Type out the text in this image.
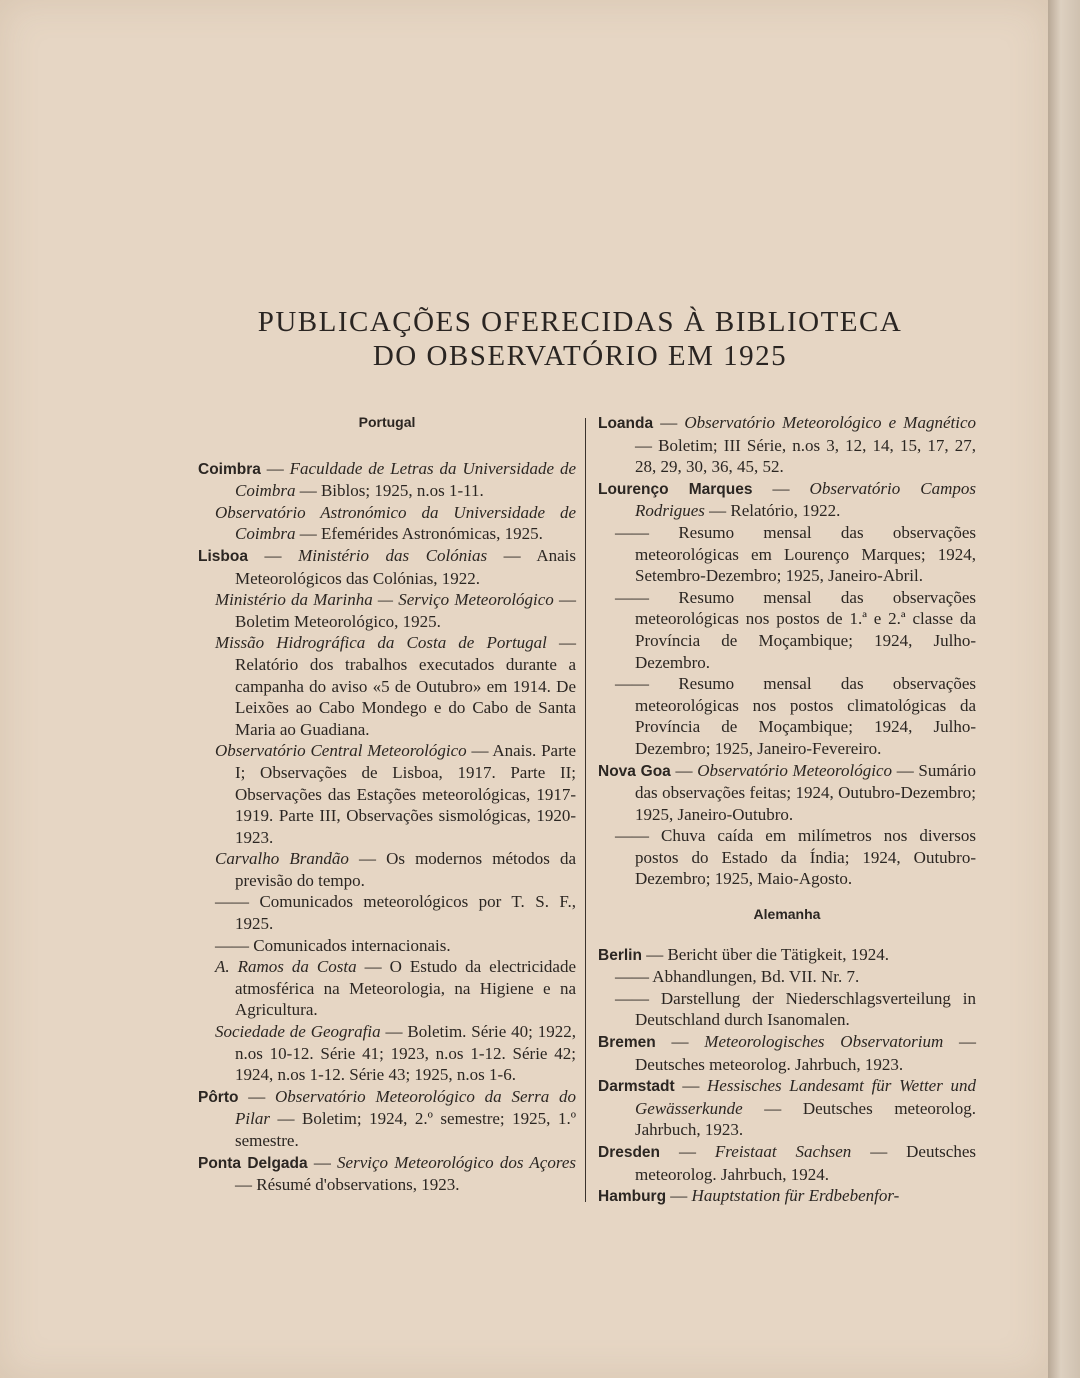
PUBLICAÇÕES OFERECIDAS À BIBLIOTECA
DO OBSERVATÓRIO EM 1925

Portugal

Coimbra — Faculdade de Letras da Universidade de Coimbra — Biblos; 1925, n.os 1-11.

Observatório Astronómico da Universidade de Coimbra — Efemérides Astronómicas, 1925.

Lisboa — Ministério das Colónias — Anais Meteorológicos das Colónias, 1922.

Ministério da Marinha — Serviço Meteorológico — Boletim Meteorológico, 1925.

Missão Hidrográfica da Costa de Portugal — Relatório dos trabalhos executados durante a campanha do aviso «5 de Outubro» em 1914. De Leixões ao Cabo Mondego e do Cabo de Santa Maria ao Guadiana.

Observatório Central Meteorológico — Anais. Parte I; Observações de Lisboa, 1917. Parte II; Observações das Estações meteorológicas, 1917-1919. Parte III, Observações sismológicas, 1920-1923.

Carvalho Brandão — Os modernos métodos da previsão do tempo.

—— Comunicados meteorológicos por T. S. F., 1925.

—— Comunicados internacionais.

A. Ramos da Costa — O Estudo da electricidade atmosférica na Meteorologia, na Higiene e na Agricultura.

Sociedade de Geografia — Boletim. Série 40; 1922, n.os 10-12. Série 41; 1923, n.os 1-12. Série 42; 1924, n.os 1-12. Série 43; 1925, n.os 1-6.

Pôrto — Observatório Meteorológico da Serra do Pilar — Boletim; 1924, 2.º semestre; 1925, 1.º semestre.

Ponta Delgada — Serviço Meteorológico dos Açores — Résumé d'observations, 1923.

Loanda — Observatório Meteorológico e Magnético — Boletim; III Série, n.os 3, 12, 14, 15, 17, 27, 28, 29, 30, 36, 45, 52.

Lourenço Marques — Observatório Campos Rodrigues — Relatório, 1922.

—— Resumo mensal das observações meteorológicas em Lourenço Marques; 1924, Setembro-Dezembro; 1925, Janeiro-Abril.

—— Resumo mensal das observações meteorológicas nos postos de 1.ª e 2.ª classe da Província de Moçambique; 1924, Julho-Dezembro.

—— Resumo mensal das observações meteorológicas nos postos climatológicas da Província de Moçambique; 1924, Julho-Dezembro; 1925, Janeiro-Fevereiro.

Nova Goa — Observatório Meteorológico — Sumário das observações feitas; 1924, Outubro-Dezembro; 1925, Janeiro-Outubro.

—— Chuva caída em milímetros nos diversos postos do Estado da Índia; 1924, Outubro-Dezembro; 1925, Maio-Agosto.

Alemanha

Berlin — Bericht über die Tätigkeit, 1924.

—— Abhandlungen, Bd. VII. Nr. 7.

—— Darstellung der Niederschlagsverteilung in Deutschland durch Isanomalen.

Bremen — Meteorologisches Observatorium — Deutsches meteorolog. Jahrbuch, 1923.

Darmstadt — Hessisches Landesamt für Wetter und Gewässerkunde — Deutsches meteorolog. Jahrbuch, 1923.

Dresden — Freistaat Sachsen — Deutsches meteorolog. Jahrbuch, 1924.

Hamburg — Hauptstation für Erdbebenfor-
